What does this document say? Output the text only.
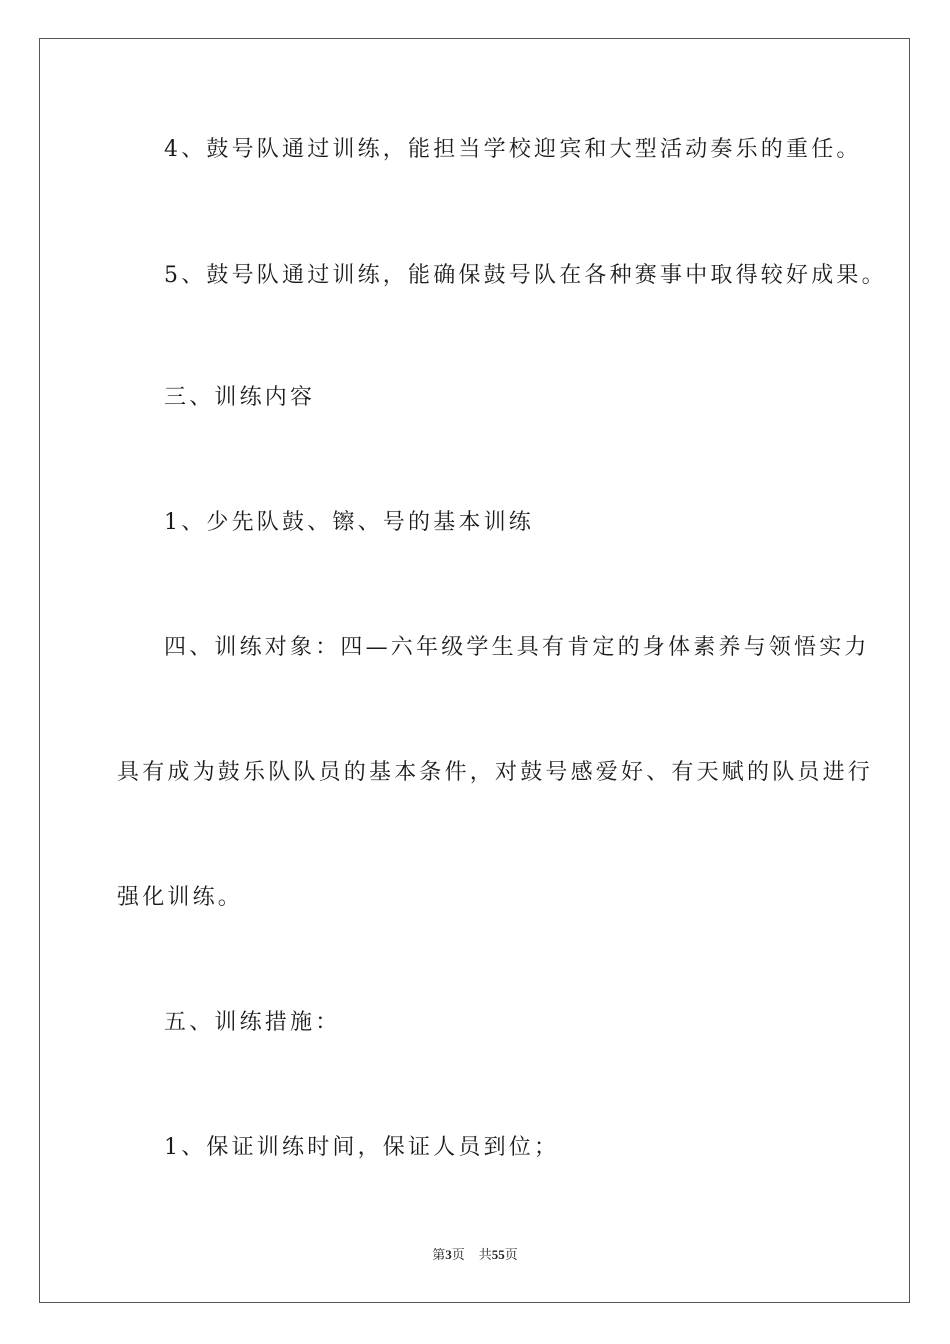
4、鼓号队通过训练，能担当学校迎宾和大型活动奏乐的重任。

5、鼓号队通过训练，能确保鼓号队在各种赛事中取得较好成果。

三、训练内容

1、少先队鼓、镲、号的基本训练

四、训练对象：四—六年级学生具有肯定的身体素养与领悟实力

具有成为鼓乐队队员的基本条件，对鼓号感爱好、有天赋的队员进行

强化训练。

五、训练措施：

1、保证训练时间，保证人员到位；

第3页 共55页
